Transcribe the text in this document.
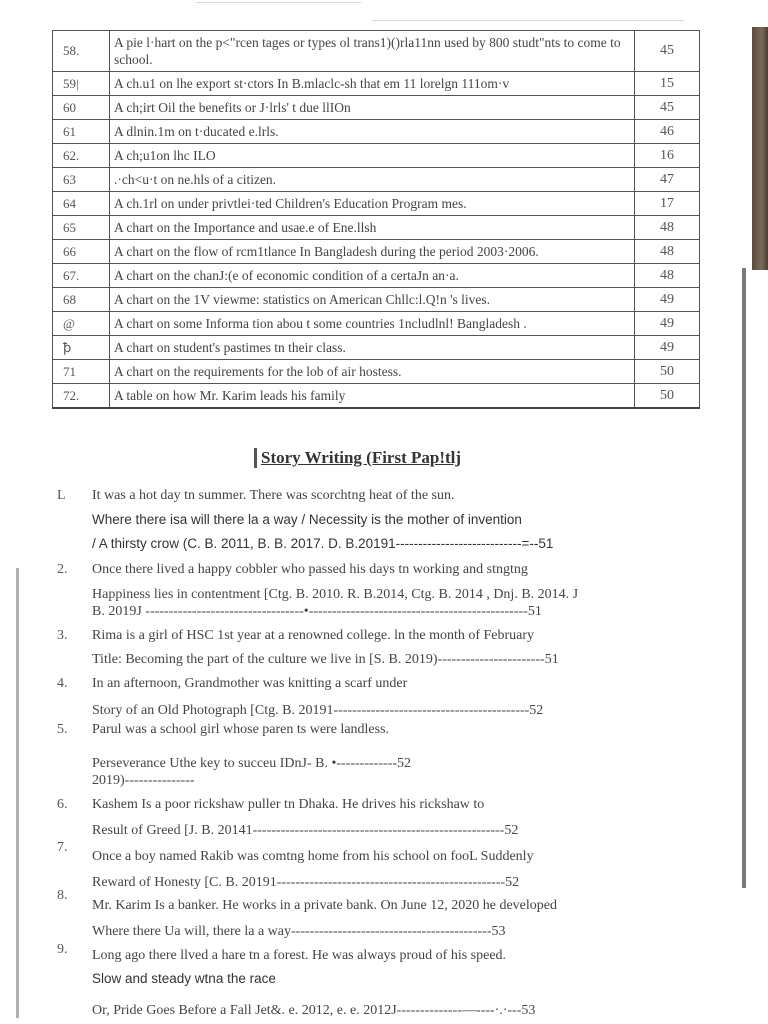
58.	A pie l·hart on the p<"rcen tages or types ol trans1)()rla11nn used by 800 studt"nts to come to school.	45
59|	A ch.u1 on lhe export st·ctors In B.mlaclc-sh that em 11 lorelgn 111om·v	15
60	A ch;irt Oil the benefits or J·lrls' t due llIOn	45
61	A dlnin.1m on t·ducated e.lrls.	46
62.	A ch;u1on lhc ILO	16
63	.·ch<u·t on ne.hls of a citizen.	47
64	A ch.1rl on under privtlei·ted Children's Education Program mes.	17
65	A chart on the Importance and usae.e of Ene.llsh	48
66	A chart on the flow of rcm1tlance In Bangladesh during the period 2003·2006.	48
67.	A chart on the chanJ:(e of economic condition of a certaJn an·a.	48
68	A chart on the 1V viewme: statistics on American Chllc:l.Q!n 's lives.	49
@	A chart on some Informa tion abou t some countries 1ncludlnl! Bangladesh .	49
ꝥ	A chart on student's pastimes tn their class.	49
71	A chart on the requirements for the lob of air hostess.	50
72.	A table on how Mr. Karim leads his family	50
Story Writing (First Pap!tlj
L It was a hot day tn summer. There was scorchtng heat of the sun.
Where there isa will there la a way / Necessity is the mother of invention
/ A thirsty crow (C. B. 2011, B. B. 2017. D. B.20191----------------------------=--51
2. Once there lived a happy cobbler who passed his days tn working and stngtng
Happiness lies in contentment [Ctg. B. 2010. R. B.2014, Ctg. B. 2014 , Dnj. B. 2014. J
B. 2019J ----------------------------------•-----------------------------------------------51
3. Rima is a girl of HSC 1st year at a renowned college. ln the month of February
Title: Becoming the part of the culture we live in [S. B. 2019)-----------------------51
4. In an afternoon, Grandmother was knitting a scarf under
Story of an Old Photograph [Ctg. B. 20191------------------------------------------52
5. Parul was a school girl whose paren ts were landless.
Perseverance Uthe key to succeu IDnJ- B. •-------------52
2019)---------------
6. Kashem Is a poor rickshaw puller tn Dhaka. He drives his rickshaw to
Result of Greed [J. B. 20141------------------------------------------------------52
7.
Once a boy named Rakib was comtng home from his school on fooL Suddenly
Reward of Honesty [C. B. 20191-------------------------------------------------52
8.
Mr. Karim Is a banker. He works in a private bank. On June 12, 2020 he developed
Where there Ua will, there la a way-------------------------------------------53
9. Long ago there llved a hare tn a forest. He was always proud of his speed.
Slow and steady wtna the race
Or, Pride Goes Before a Fall Jet&. e. 2012, e. e. 2012J--------------—----·.·---53
